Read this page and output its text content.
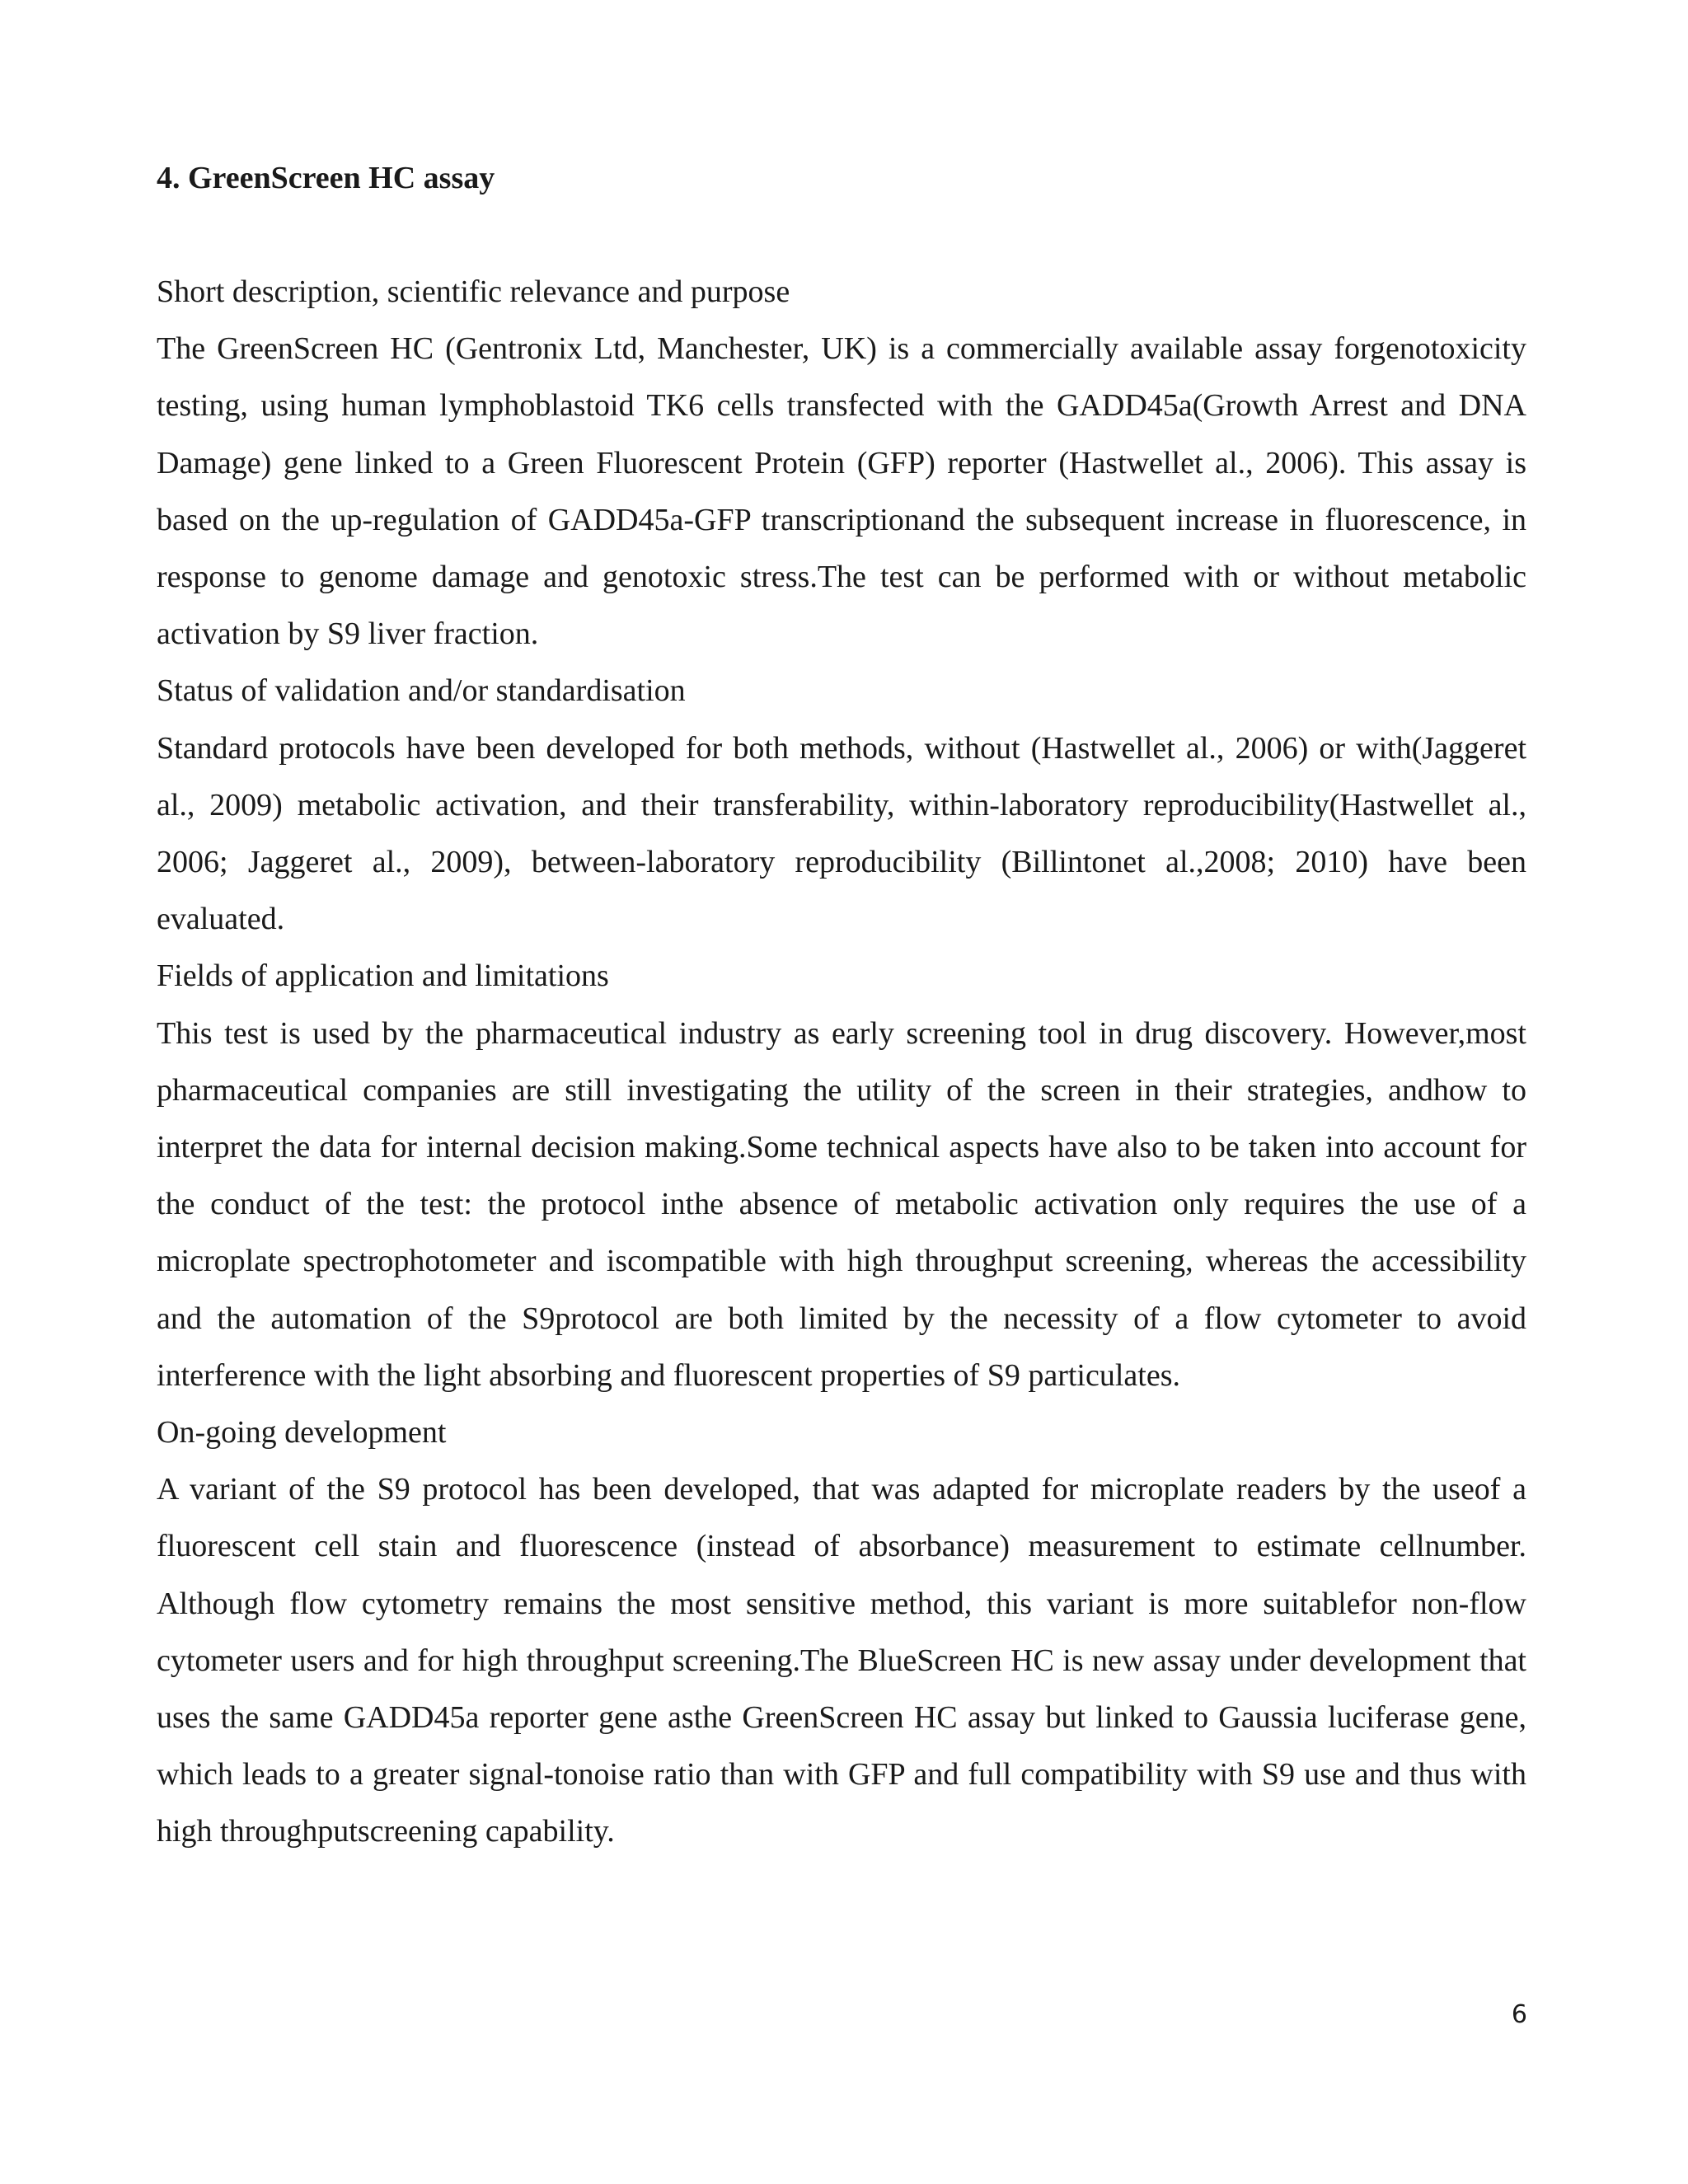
4. GreenScreen HC assay

Short description, scientific relevance and purpose

The GreenScreen HC (Gentronix Ltd, Manchester, UK) is a commercially available assay forgenotoxicity testing, using human lymphoblastoid TK6 cells transfected with the GADD45a(Growth Arrest and DNA Damage) gene linked to a Green Fluorescent Protein (GFP) reporter (Hastwellet al., 2006). This assay is based on the up-regulation of GADD45a-GFP transcriptionand the subsequent increase in fluorescence, in response to genome damage and genotoxic stress.The test can be performed with or without metabolic activation by S9 liver fraction.

Status of validation and/or standardisation

Standard protocols have been developed for both methods, without (Hastwellet al., 2006) or with(Jaggeret al., 2009) metabolic activation, and their transferability, within-laboratory reproducibility(Hastwellet al., 2006; Jaggeret al., 2009), between-laboratory reproducibility (Billintonet al.,2008; 2010) have been evaluated.

Fields of application and limitations

This test is used by the pharmaceutical industry as early screening tool in drug discovery. However,most pharmaceutical companies are still investigating the utility of the screen in their strategies, andhow to interpret the data for internal decision making.Some technical aspects have also to be taken into account for the conduct of the test: the protocol inthe absence of metabolic activation only requires the use of a microplate spectrophotometer and iscompatible with high throughput screening, whereas the accessibility and the automation of the S9protocol are both limited by the necessity of a flow cytometer to avoid interference with the light absorbing and fluorescent properties of S9 particulates.

On-going development

A variant of the S9 protocol has been developed, that was adapted for microplate readers by the useof a fluorescent cell stain and fluorescence (instead of absorbance) measurement to estimate cellnumber. Although flow cytometry remains the most sensitive method, this variant is more suitablefor non-flow cytometer users and for high throughput screening.The BlueScreen HC is new assay under development that uses the same GADD45a reporter gene asthe GreenScreen HC assay but linked to Gaussia luciferase gene, which leads to a greater signal-tonoise ratio than with GFP and full compatibility with S9 use and thus with high throughputscreening capability.

6
